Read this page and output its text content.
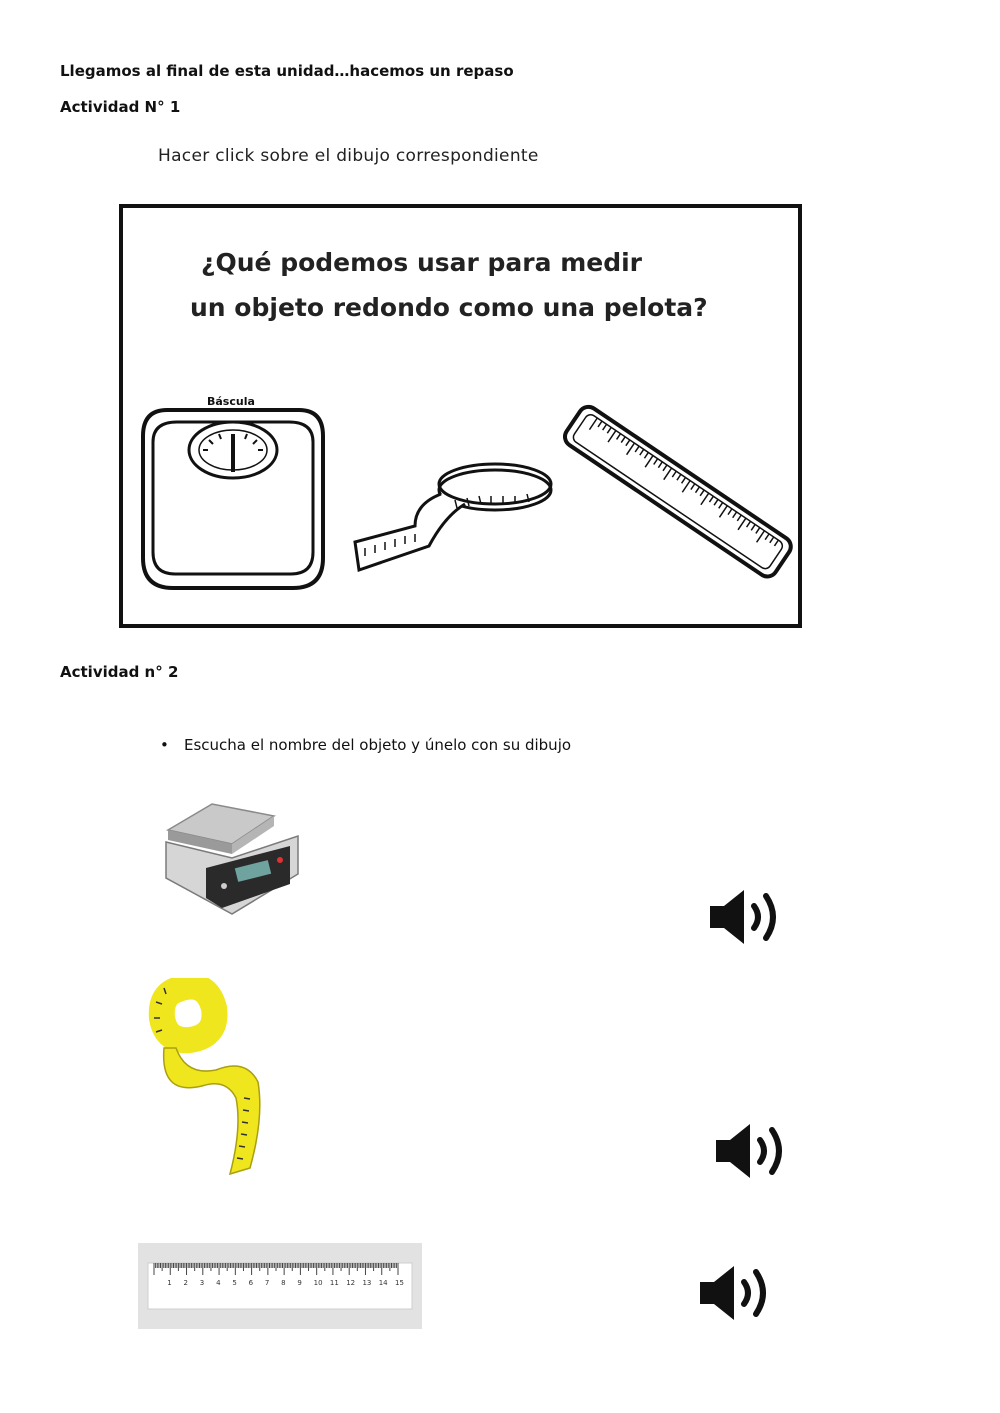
Llegamos al final de esta unidad…hacemos un repaso
Actividad N° 1
Hacer click sobre el dibujo correspondiente
¿Qué podemos usar para medir
un objeto redondo como una pelota?
Báscula
Actividad n° 2
• Escucha el nombre del objeto y únelo con su dibujo
1 2 3 4 5 6 7 8 9 10 11 12 13 14 15
